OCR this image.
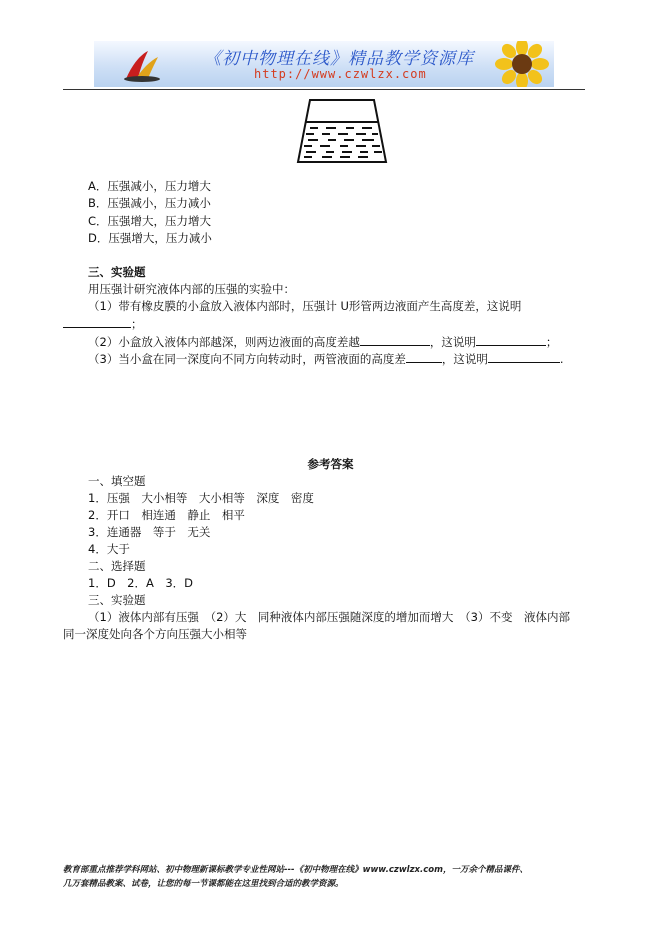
《初中物理在线》精品教学资源库
http://www.czwlzx.com
A．压强减小，压力增大
B．压强减小，压力减小
C．压强增大，压力增大
D．压强增大，压力减小
三、实验题
用压强计研究液体内部的压强的实验中：
（1）带有橡皮膜的小盒放入液体内部时，压强计 U形管两边液面产生高度差，这说明
；
（2）小盒放入液体内部越深，则两边液面的高度差越	，这说明	；
（3）当小盒在同一深度向不同方向转动时，两管液面的高度差	，这说明	.
参考答案
一、填空题
1．压强　大小相等　大小相等　深度　密度
2．开口　相连通　静止　相平
3．连通器　等于　无关
4．大于
二、选择题
1．D　2．A　3．D
三、实验题
（1）液体内部有压强　（2）大　同种液体内部压强随深度的增加而增大　（3）不变　液体内部
同一深度处向各个方向压强大小相等
教育部重点推荐学科网站、初中物理新课标教学专业性网站---《初中物理在线》www.czwlzx.com，一万余个精品课件、
几万套精品教案、试卷，让您的每一节课都能在这里找到合适的教学资源。
